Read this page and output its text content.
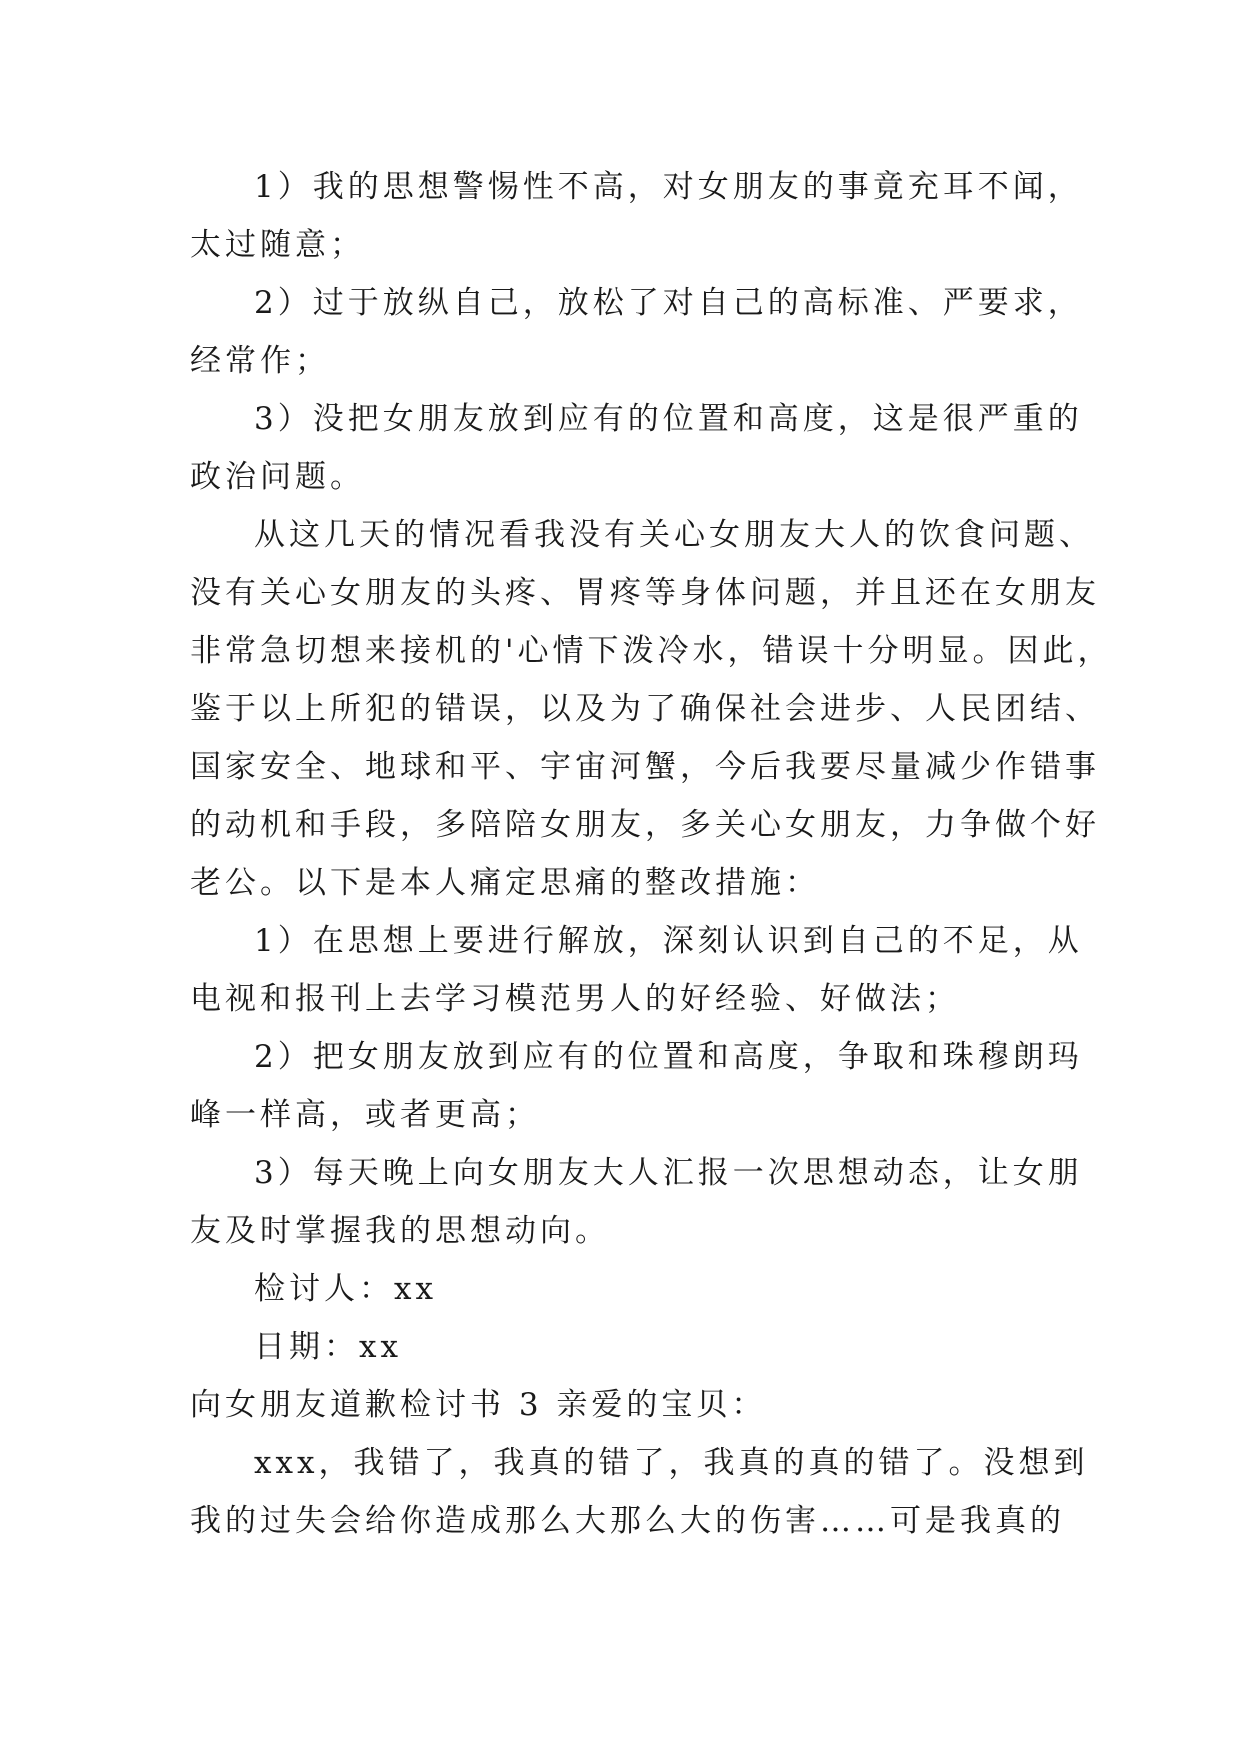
1）我的思想警惕性不高，对女朋友的事竟充耳不闻，
太过随意；
2）过于放纵自己，放松了对自己的高标准、严要求，
经常作；
3）没把女朋友放到应有的位置和高度，这是很严重的
政治问题。
从这几天的情况看我没有关心女朋友大人的饮食问题、
没有关心女朋友的头疼、胃疼等身体问题，并且还在女朋友
非常急切想来接机的'心情下泼冷水，错误十分明显。因此，
鉴于以上所犯的错误，以及为了确保社会进步、人民团结、
国家安全、地球和平、宇宙河蟹，今后我要尽量减少作错事
的动机和手段，多陪陪女朋友，多关心女朋友，力争做个好
老公。以下是本人痛定思痛的整改措施：
1）在思想上要进行解放，深刻认识到自己的不足，从
电视和报刊上去学习模范男人的好经验、好做法；
2）把女朋友放到应有的位置和高度，争取和珠穆朗玛
峰一样高，或者更高；
3）每天晚上向女朋友大人汇报一次思想动态，让女朋
友及时掌握我的思想动向。
检讨人：xx
日期：xx
向女朋友道歉检讨书 3 亲爱的宝贝：
xxx，我错了，我真的错了，我真的真的错了。没想到
我的过失会给你造成那么大那么大的伤害……可是我真的
